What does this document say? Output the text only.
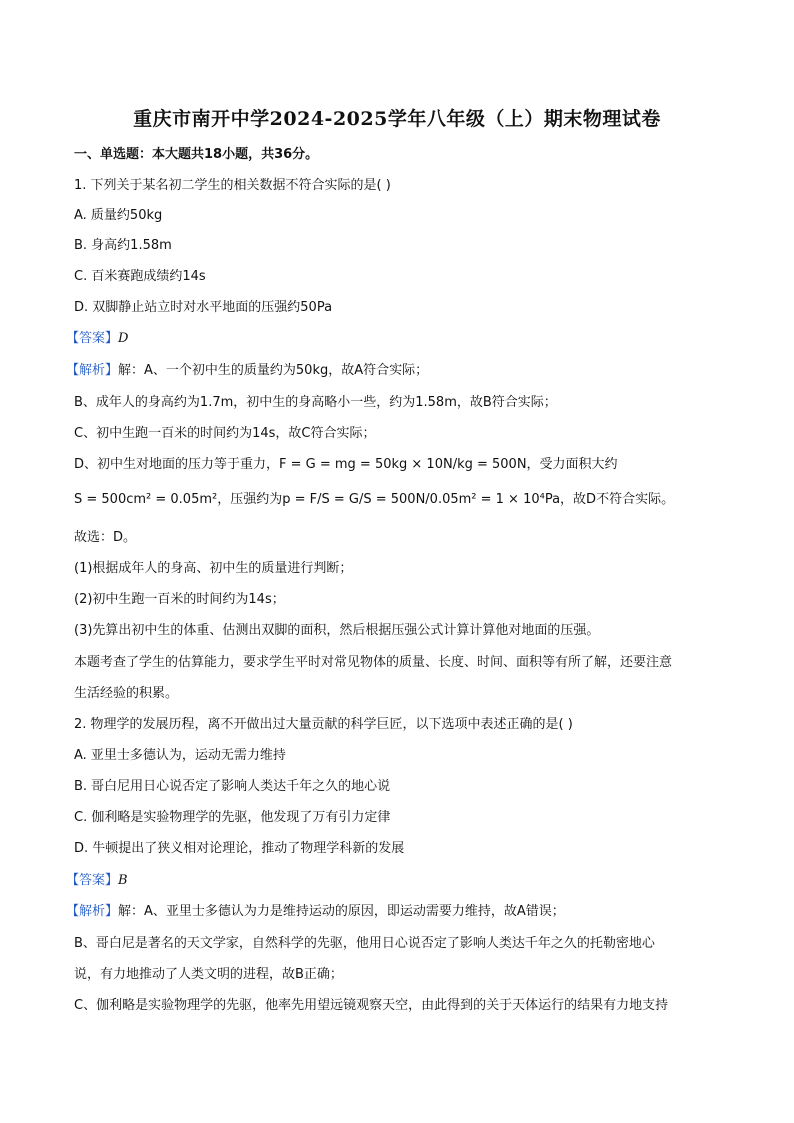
重庆市南开中学2024-2025学年八年级（上）期末物理试卷
一、单选题：本大题共18小题，共36分。
1. 下列关于某名初二学生的相关数据不符合实际的是( )
A. 质量约50kg
B. 身高约1.58m
C. 百米赛跑成绩约14s
D. 双脚静止站立时对水平地面的压强约50Pa
【答案】D
【解析】解：A、一个初中生的质量约为50kg，故A符合实际；
B、成年人的身高约为1.7m，初中生的身高略小一些，约为1.58m，故B符合实际；
C、初中生跑一百米的时间约为14s，故C符合实际；
D、初中生对地面的压力等于重力，F = G = mg = 50kg × 10N/kg = 500N，受力面积大约
S = 500cm² = 0.05m²，压强约为p = F/S = G/S = 500N/0.05m² = 1 × 10⁴Pa，故D不符合实际。
故选：D。
(1)根据成年人的身高、初中生的质量进行判断；
(2)初中生跑一百米的时间约为14s；
(3)先算出初中生的体重、估测出双脚的面积，然后根据压强公式计算计算他对地面的压强。
本题考查了学生的估算能力，要求学生平时对常见物体的质量、长度、时间、面积等有所了解，还要注意
生活经验的积累。
2. 物理学的发展历程，离不开做出过大量贡献的科学巨匠，以下选项中表述正确的是( )
A. 亚里士多德认为，运动无需力维持
B. 哥白尼用日心说否定了影响人类达千年之久的地心说
C. 伽利略是实验物理学的先驱，他发现了万有引力定律
D. 牛顿提出了狭义相对论理论，推动了物理学科新的发展
【答案】B
【解析】解：A、亚里士多德认为力是维持运动的原因，即运动需要力维持，故A错误；
B、哥白尼是著名的天文学家，自然科学的先驱，他用日心说否定了影响人类达千年之久的托勒密地心
说，有力地推动了人类文明的进程，故B正确；
C、伽利略是实验物理学的先驱，他率先用望远镜观察天空，由此得到的关于天体运行的结果有力地支持
